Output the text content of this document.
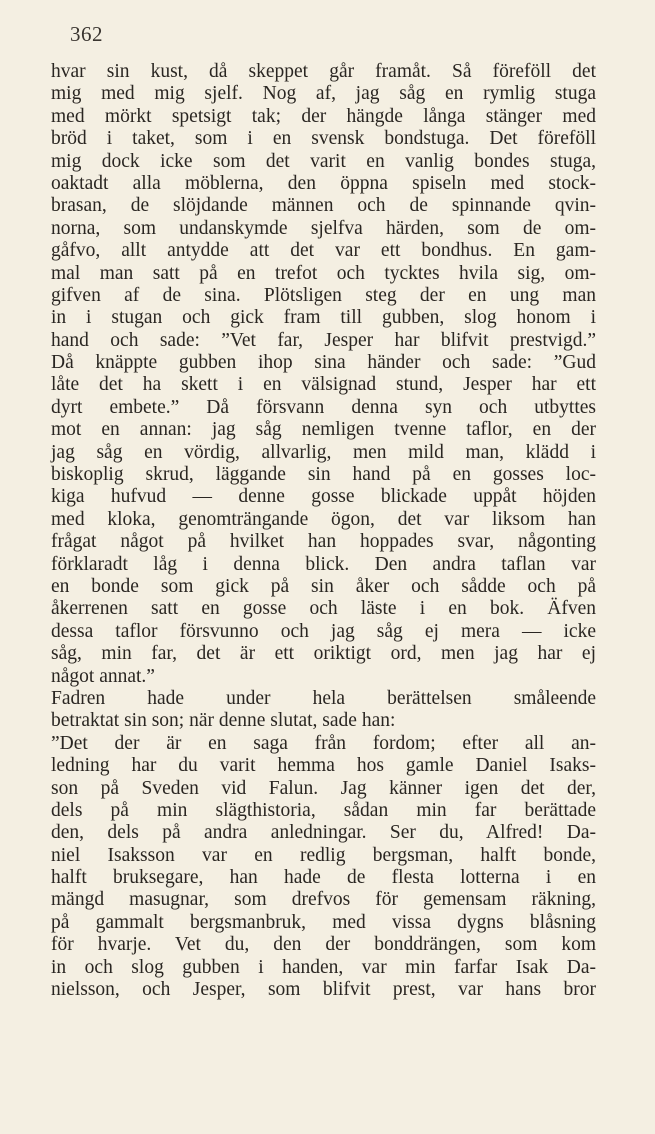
362
hvar sin kust, då skeppet går framåt. Så föreföll det
mig med mig sjelf. Nog af, jag såg en rymlig stuga
med mörkt spetsigt tak; der hängde långa stänger med
bröd i taket, som i en svensk bondstuga. Det föreföll
mig dock icke som det varit en vanlig bondes stuga,
oaktadt alla möblerna, den öppna spiseln med stock-
brasan, de slöjdande männen och de spinnande qvin-
norna, som undanskymde sjelfva härden, som de om-
gåfvo, allt antydde att det var ett bondhus. En gam-
mal man satt på en trefot och tycktes hvila sig, om-
gifven af de sina. Plötsligen steg der en ung man
in i stugan och gick fram till gubben, slog honom i
hand och sade: ”Vet far, Jesper har blifvit prestvigd.”
Då knäppte gubben ihop sina händer och sade: ”Gud
låte det ha skett i en välsignad stund, Jesper har ett
dyrt embete.” Då försvann denna syn och utbyttes
mot en annan: jag såg nemligen tvenne taflor, en der
jag såg en vördig, allvarlig, men mild man, klädd i
biskoplig skrud, läggande sin hand på en gosses loc-
kiga hufvud — denne gosse blickade uppåt höjden
med kloka, genomträngande ögon, det var liksom han
frågat något på hvilket han hoppades svar, någonting
förklaradt låg i denna blick. Den andra taflan var
en bonde som gick på sin åker och sådde och på
åkerrenen satt en gosse och läste i en bok. Äfven
dessa taflor försvunno och jag såg ej mera — icke
såg, min far, det är ett oriktigt ord, men jag har ej
något annat.”
Fadren hade under hela berättelsen småleende
betraktat sin son; när denne slutat, sade han:
”Det der är en saga från fordom; efter all an-
ledning har du varit hemma hos gamle Daniel Isaks-
son på Sveden vid Falun. Jag känner igen det der,
dels på min slägthistoria, sådan min far berättade
den, dels på andra anledningar. Ser du, Alfred! Da-
niel Isaksson var en redlig bergsman, halft bonde,
halft bruksegare, han hade de flesta lotterna i en
mängd masugnar, som drefvos för gemensam räkning,
på gammalt bergsmanbruk, med vissa dygns blåsning
för hvarje. Vet du, den der bonddrängen, som kom
in och slog gubben i handen, var min farfar Isak Da-
nielsson, och Jesper, som blifvit prest, var hans bror
